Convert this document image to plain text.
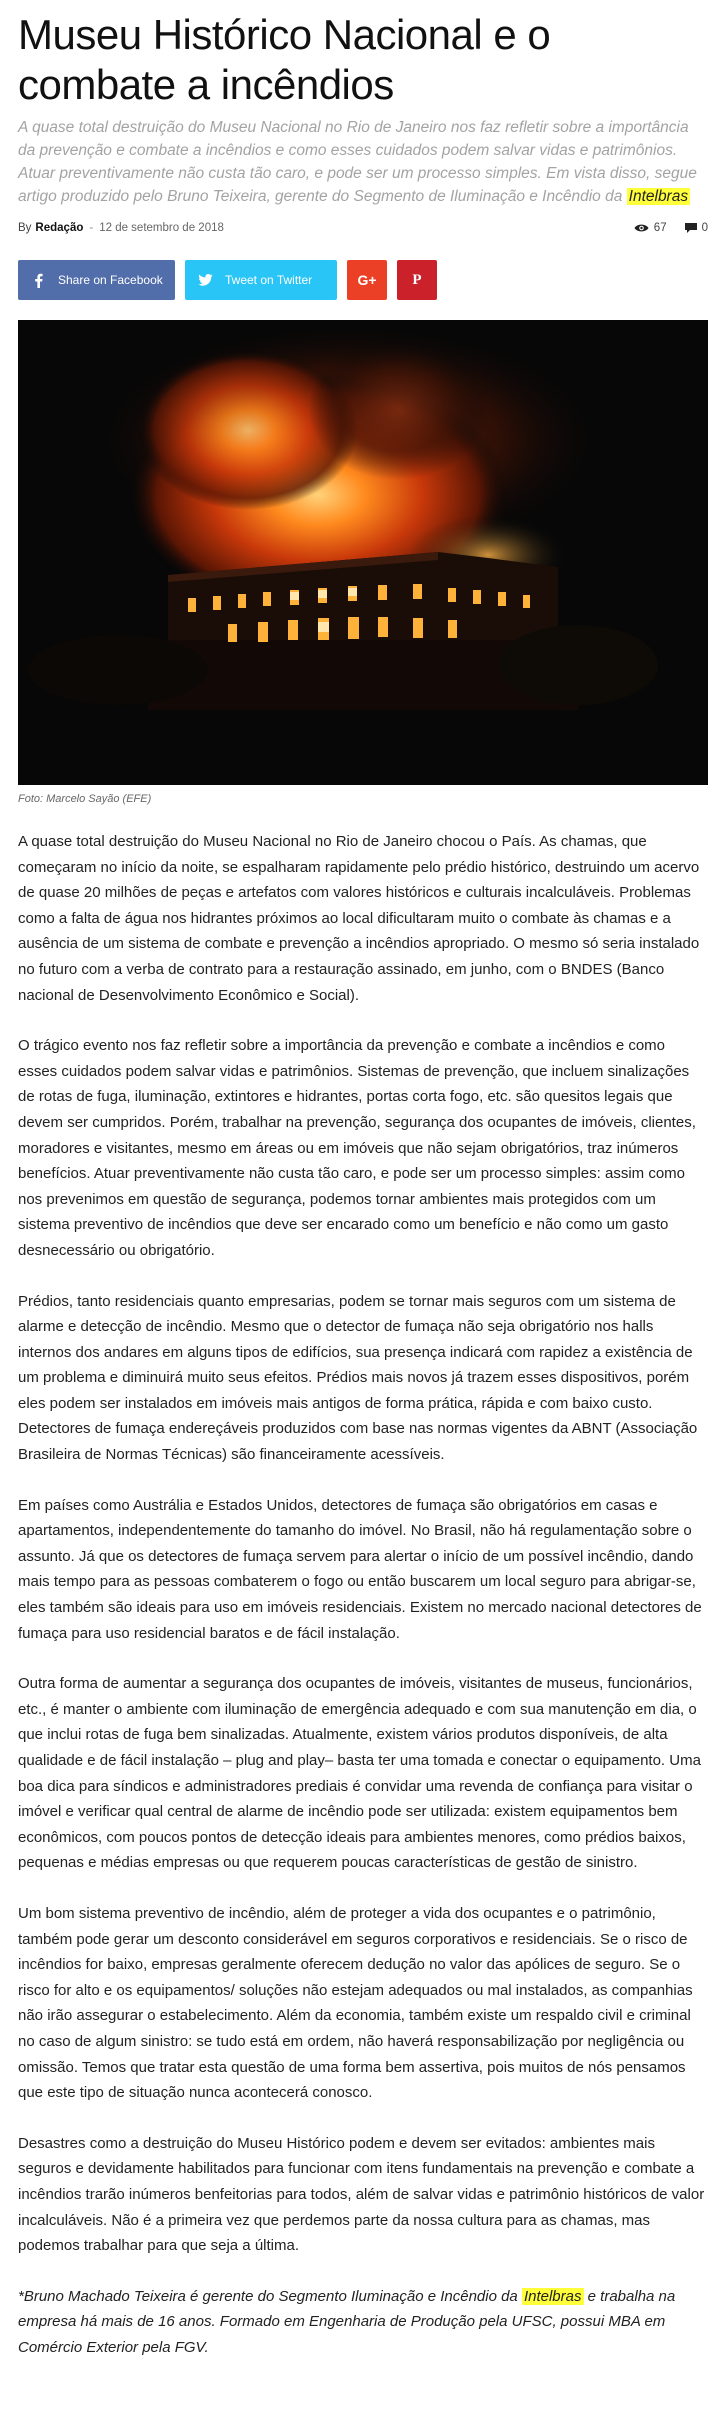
Museu Histórico Nacional e o combate a incêndios

A quase total destruição do Museu Nacional no Rio de Janeiro nos faz refletir sobre a importância da prevenção e combate a incêndios e como esses cuidados podem salvar vidas e patrimônios. Atuar preventivamente não custa tão caro, e pode ser um processo simples. Em vista disso, segue artigo produzido pelo Bruno Teixeira, gerente do Segmento de Iluminação e Incêndio da Intelbras

By Redação - 12 de setembro de 2018	67	0
Share on Facebook	Tweet on Twitter	G+ P
Foto: Marcelo Sayão (EFE)

A quase total destruição do Museu Nacional no Rio de Janeiro chocou o País. As chamas, que começaram no início da noite, se espalharam rapidamente pelo prédio histórico, destruindo um acervo de quase 20 milhões de peças e artefatos com valores históricos e culturais incalculáveis. Problemas como a falta de água nos hidrantes próximos ao local dificultaram muito o combate às chamas e a ausência de um sistema de combate e prevenção a incêndios apropriado. O mesmo só seria instalado no futuro com a verba de contrato para a restauração assinado, em junho, com o BNDES (Banco nacional de Desenvolvimento Econômico e Social).

O trágico evento nos faz refletir sobre a importância da prevenção e combate a incêndios e como esses cuidados podem salvar vidas e patrimônios. Sistemas de prevenção, que incluem sinalizações de rotas de fuga, iluminação, extintores e hidrantes, portas corta fogo, etc. são quesitos legais que devem ser cumpridos. Porém, trabalhar na prevenção, segurança dos ocupantes de imóveis, clientes, moradores e visitantes, mesmo em áreas ou em imóveis que não sejam obrigatórios, traz inúmeros benefícios. Atuar preventivamente não custa tão caro, e pode ser um processo simples: assim como nos prevenimos em questão de segurança, podemos tornar ambientes mais protegidos com um sistema preventivo de incêndios que deve ser encarado como um benefício e não como um gasto desnecessário ou obrigatório.

Prédios, tanto residenciais quanto empresarias, podem se tornar mais seguros com um sistema de alarme e detecção de incêndio. Mesmo que o detector de fumaça não seja obrigatório nos halls internos dos andares em alguns tipos de edifícios, sua presença indicará com rapidez a existência de um problema e diminuirá muito seus efeitos. Prédios mais novos já trazem esses dispositivos, porém eles podem ser instalados em imóveis mais antigos de forma prática, rápida e com baixo custo. Detectores de fumaça endereçáveis produzidos com base nas normas vigentes da ABNT (Associação Brasileira de Normas Técnicas) são financeiramente acessíveis.

Em países como Austrália e Estados Unidos, detectores de fumaça são obrigatórios em casas e apartamentos, independentemente do tamanho do imóvel. No Brasil, não há regulamentação sobre o assunto. Já que os detectores de fumaça servem para alertar o início de um possível incêndio, dando mais tempo para as pessoas combaterem o fogo ou então buscarem um local seguro para abrigar-se, eles também são ideais para uso em imóveis residenciais. Existem no mercado nacional detectores de fumaça para uso residencial baratos e de fácil instalação.

Outra forma de aumentar a segurança dos ocupantes de imóveis, visitantes de museus, funcionários, etc., é manter o ambiente com iluminação de emergência adequado e com sua manutenção em dia, o que inclui rotas de fuga bem sinalizadas. Atualmente, existem vários produtos disponíveis, de alta qualidade e de fácil instalação – plug and play– basta ter uma tomada e conectar o equipamento. Uma boa dica para síndicos e administradores prediais é convidar uma revenda de confiança para visitar o imóvel e verificar qual central de alarme de incêndio pode ser utilizada: existem equipamentos bem econômicos, com poucos pontos de detecção ideais para ambientes menores, como prédios baixos, pequenas e médias empresas ou que requerem poucas características de gestão de sinistro.

Um bom sistema preventivo de incêndio, além de proteger a vida dos ocupantes e o patrimônio, também pode gerar um desconto considerável em seguros corporativos e residenciais. Se o risco de incêndios for baixo, empresas geralmente oferecem dedução no valor das apólices de seguro. Se o risco for alto e os equipamentos/ soluções não estejam adequados ou mal instalados, as companhias não irão assegurar o estabelecimento. Além da economia, também existe um respaldo civil e criminal no caso de algum sinistro: se tudo está em ordem, não haverá responsabilização por negligência ou omissão. Temos que tratar esta questão de uma forma bem assertiva, pois muitos de nós pensamos que este tipo de situação nunca acontecerá conosco.

Desastres como a destruição do Museu Histórico podem e devem ser evitados: ambientes mais seguros e devidamente habilitados para funcionar com itens fundamentais na prevenção e combate a incêndios trarão inúmeros benfeitorias para todos, além de salvar vidas e patrimônio históricos de valor incalculáveis. Não é a primeira vez que perdemos parte da nossa cultura para as chamas, mas podemos trabalhar para que seja a última.

*Bruno Machado Teixeira é gerente do Segmento Iluminação e Incêndio da Intelbras e trabalha na empresa há mais de 16 anos. Formado em Engenharia de Produção pela UFSC, possui MBA em Comércio Exterior pela FGV.
